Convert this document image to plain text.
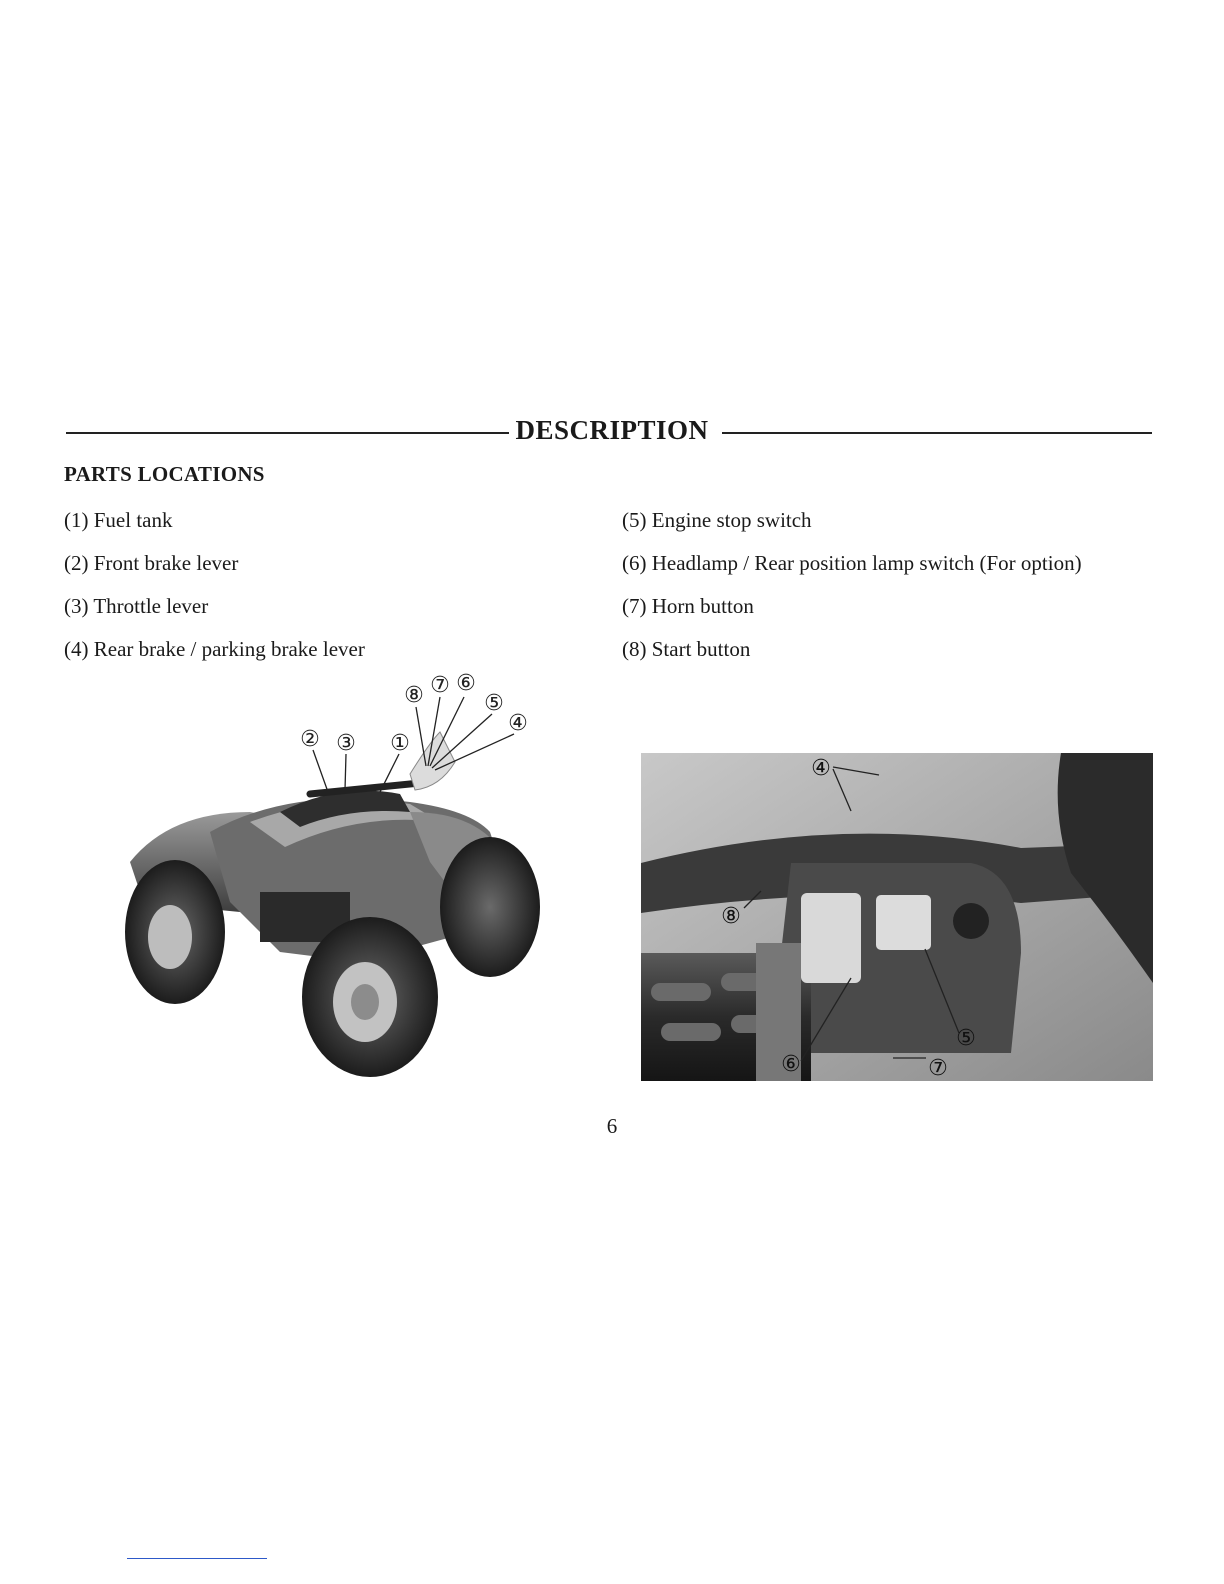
DESCRIPTION
PARTS LOCATIONS
(1) Fuel tank
(2) Front brake lever
(3) Throttle lever
(4) Rear brake / parking brake lever
(5) Engine stop switch
(6) Headlamp / Rear position lamp switch (For option)
(7) Horn button
(8) Start button
② ③ ①
⑧ ⑦ ⑥
⑤
④
④
⑧
⑤
⑥	⑦
6
